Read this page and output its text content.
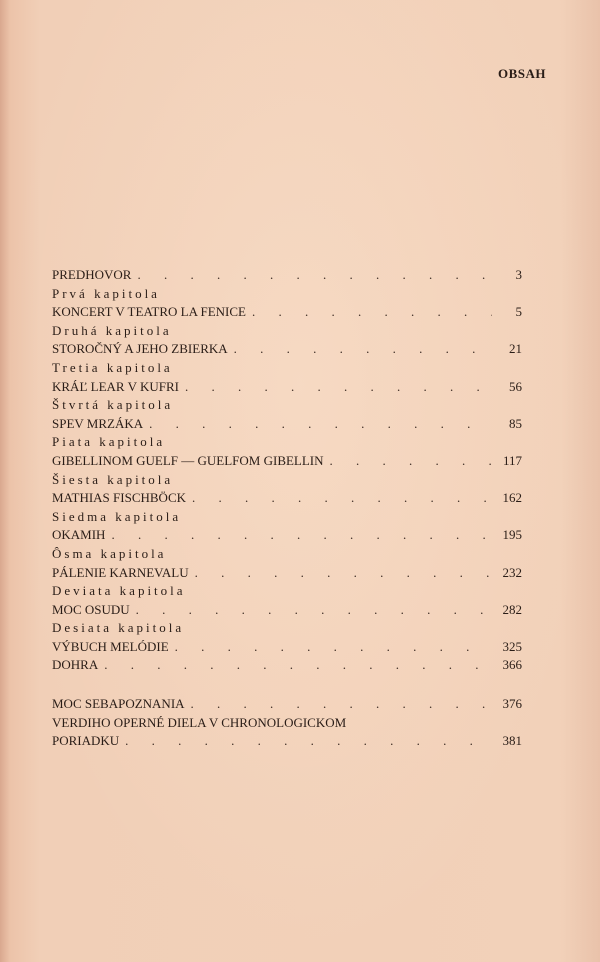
OBSAH
PREDHOVOR . . .	3
Prvá kapitola
KONCERT V TEATRO LA FENICE . . .	5
Druhá kapitola
STOROČNÝ A JEHO ZBIERKA . . .	21
Tretia kapitola
KRÁĽ LEAR V KUFRI . . .	56
Štvrtá kapitola
SPEV MRZÁKA . . .	85
Piata kapitola
GIBELLINOM GUELF — GUELFOM GIBELLIN . . .	117
Šiesta kapitola
MATHIAS FISCHBÖCK . . .	162
Siedma kapitola
OKAMIH . . .	195
Ôsma kapitola
PÁLENIE KARNEVALU . . .	232
Deviata kapitola
MOC OSUDU . . .	282
Desiata kapitola
VÝBUCH MELÓDIE . . .	325
DOHRA . . .	366
MOC SEBAPOZNANIA . . .	376
VERDIHO OPERNÉ DIELA V CHRONOLOGICKOM
PORIADKU . . .	381
